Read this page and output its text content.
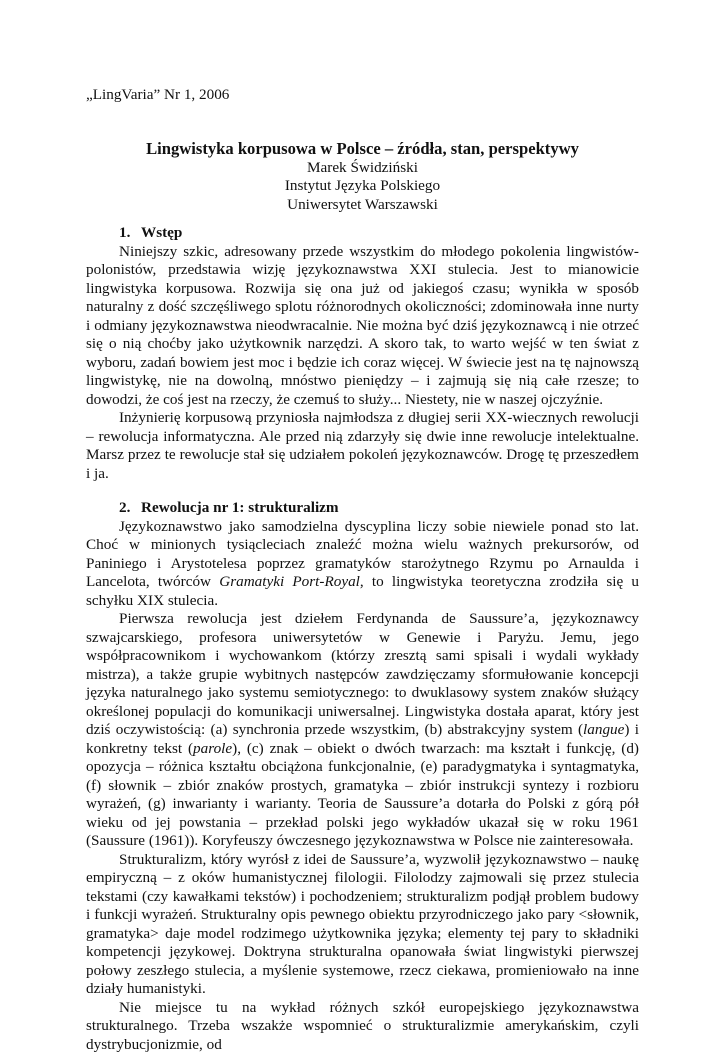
„LingVaria” Nr 1, 2006
Lingwistyka korpusowa w Polsce – źródła, stan, perspektywy
Marek Świdziński
Instytut Języka Polskiego
Uniwersytet Warszawski
1. Wstęp

Niniejszy szkic, adresowany przede wszystkim do młodego pokolenia lingwistów-polonistów, przedstawia wizję językoznawstwa XXI stulecia. Jest to mianowicie lingwistyka korpusowa. Rozwija się ona już od jakiegoś czasu; wynikła w sposób naturalny z dość szczęśliwego splotu różnorodnych okoliczności; zdominowała inne nurty i odmiany językoznawstwa nieodwracalnie. Nie można być dziś językoznawcą i nie otrzeć się o nią choćby jako użytkownik narzędzi. A skoro tak, to warto wejść w ten świat z wyboru, zadań bowiem jest moc i będzie ich coraz więcej. W świecie jest na tę najnowszą lingwistykę, nie na dowolną, mnóstwo pieniędzy – i zajmują się nią całe rzesze; to dowodzi, że coś jest na rzeczy, że czemuś to służy... Niestety, nie w naszej ojczyźnie.

Inżynierię korpusową przyniosła najmłodsza z długiej serii XX-wiecznych rewolucji – rewolucja informatyczna. Ale przed nią zdarzyły się dwie inne rewolucje intelektualne. Marsz przez te rewolucje stał się udziałem pokoleń językoznawców. Drogę tę przeszedłem i ja.

2. Rewolucja nr 1: strukturalizm

Językoznawstwo jako samodzielna dyscyplina liczy sobie niewiele ponad sto lat. Choć w minionych tysiącleciach znaleźć można wielu ważnych prekursorów, od Paniniego i Arystotelesa poprzez gramatyków starożytnego Rzymu po Arnaulda i Lancelota, twórców Gramatyki Port-Royal, to lingwistyka teoretyczna zrodziła się u schyłku XIX stulecia.

Pierwsza rewolucja jest dziełem Ferdynanda de Saussure’a, językoznawcy szwajcarskiego, profesora uniwersytetów w Genewie i Paryżu. Jemu, jego współpracownikom i wychowankom (którzy zresztą sami spisali i wydali wykłady mistrza), a także grupie wybitnych następców zawdzięczamy sformułowanie koncepcji języka naturalnego jako systemu semiotycznego: to dwuklasowy system znaków służący określonej populacji do komunikacji uniwersalnej. Lingwistyka dostała aparat, który jest dziś oczywistością: (a) synchronia przede wszystkim, (b) abstrakcyjny system (langue) i konkretny tekst (parole), (c) znak – obiekt o dwóch twarzach: ma kształt i funkcję, (d) opozycja – różnica kształtu obciążona funkcjonalnie, (e) paradygmatyka i syntagmatyka, (f) słownik – zbiór znaków prostych, gramatyka – zbiór instrukcji syntezy i rozbioru wyrażeń, (g) inwarianty i warianty. Teoria de Saussure’a dotarła do Polski z górą pół wieku od jej powstania – przekład polski jego wykładów ukazał się w roku 1961 (Saussure (1961)). Koryfeuszy ówczesnego językoznawstwa w Polsce nie zainteresowała.

Strukturalizm, który wyrósł z idei de Saussure’a, wyzwolił językoznawstwo – naukę empiryczną – z oków humanistycznej filologii. Filolodzy zajmowali się przez stulecia tekstami (czy kawałkami tekstów) i pochodzeniem; strukturalizm podjął problem budowy i funkcji wyrażeń. Strukturalny opis pewnego obiektu przyrodniczego jako pary <słownik, gramatyka> daje model rodzimego użytkownika języka; elementy tej pary to składniki kompetencji językowej. Doktryna strukturalna opanowała świat lingwistyki pierwszej połowy zeszłego stulecia, a myślenie systemowe, rzecz ciekawa, promieniowało na inne działy humanistyki.

Nie miejsce tu na wykład różnych szkół europejskiego językoznawstwa strukturalnego. Trzeba wszakże wspomnieć o strukturalizmie amerykańskim, czyli dystrybucjonizmie, od
